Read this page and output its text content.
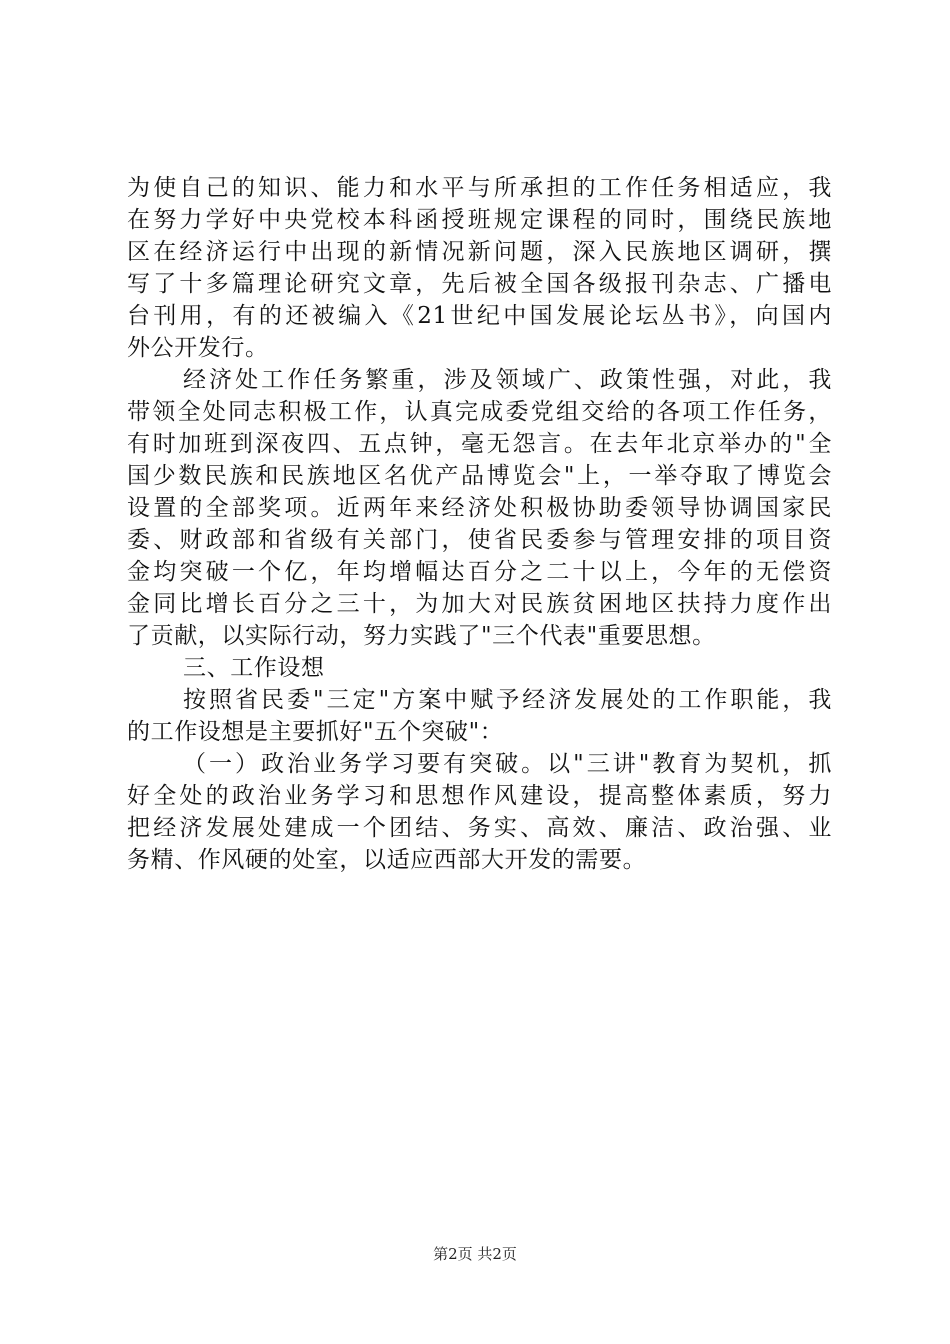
为使自己的知识、能力和水平与所承担的工作任务相适应，我
在努力学好中央党校本科函授班规定课程的同时，围绕民族地
区在经济运行中出现的新情况新问题，深入民族地区调研，撰
写了十多篇理论研究文章，先后被全国各级报刊杂志、广播电
台刊用，有的还被编入《21世纪中国发展论坛丛书》，向国内
外公开发行。
经济处工作任务繁重，涉及领域广、政策性强，对此，我
带领全处同志积极工作，认真完成委党组交给的各项工作任务，
有时加班到深夜四、五点钟，毫无怨言。在去年北京举办的"全
国少数民族和民族地区名优产品博览会"上，一举夺取了博览会
设置的全部奖项。近两年来经济处积极协助委领导协调国家民
委、财政部和省级有关部门，使省民委参与管理安排的项目资
金均突破一个亿，年均增幅达百分之二十以上，今年的无偿资
金同比增长百分之三十，为加大对民族贫困地区扶持力度作出
了贡献，以实际行动，努力实践了"三个代表"重要思想。
三、工作设想
按照省民委"三定"方案中赋予经济发展处的工作职能，我
的工作设想是主要抓好"五个突破"：
（一）政治业务学习要有突破。以"三讲"教育为契机，抓
好全处的政治业务学习和思想作风建设，提高整体素质，努力
把经济发展处建成一个团结、务实、高效、廉洁、政治强、业
务精、作风硬的处室，以适应西部大开发的需要。
第2页 共2页
